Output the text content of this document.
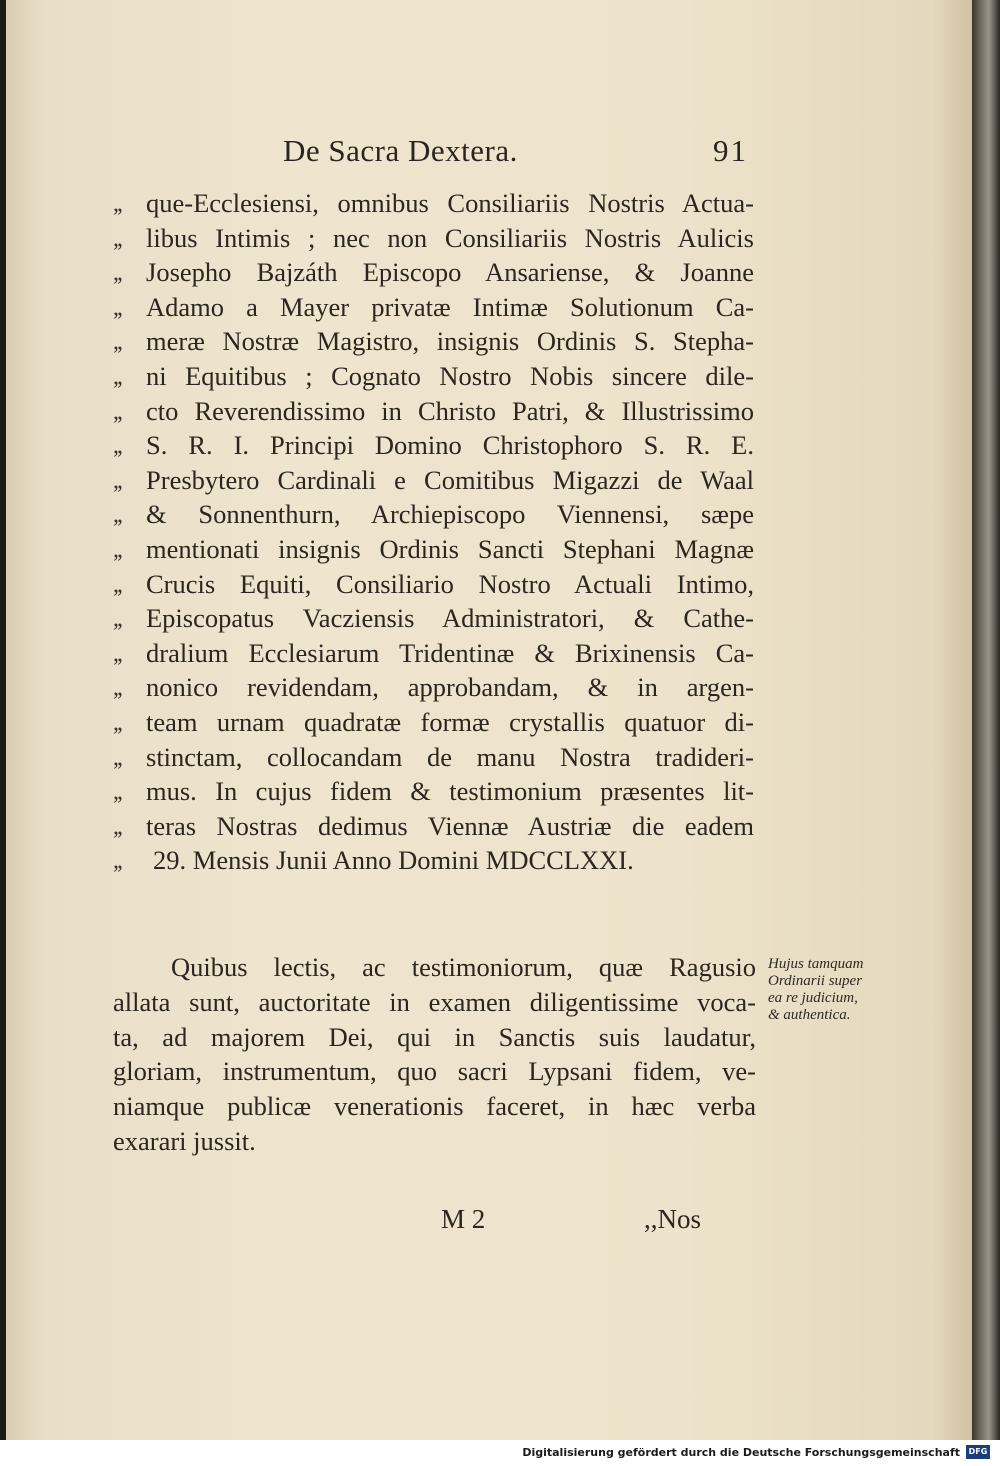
De Sacra Dextera.	91
,, que-Ecclesiensi, omnibus Consiliariis Nostris Actua-
,, libus Intimis ; nec non Consiliariis Nostris Aulicis
,, Josepho Bajzáth Episcopo Ansariense, & Joanne
,, Adamo a Mayer privatæ Intimæ Solutionum Ca-
,, meræ Nostræ Magistro, insignis Ordinis S. Stepha-
,, ni Equitibus ; Cognato Nostro Nobis sincere dile-
,, cto Reverendissimo in Christo Patri, & Illustrissimo
,, S. R. I. Principi Domino Christophoro S. R. E.
,, Presbytero Cardinali e Comitibus Migazzi de Waal
,, & Sonnenthurn, Archiepiscopo Viennensi, sæpe
,, mentionati insignis Ordinis Sancti Stephani Magnæ
,, Crucis Equiti, Consiliario Nostro Actuali Intimo,
,, Episcopatus Vacziensis Administratori, & Cathe-
,, dralium Ecclesiarum Tridentinæ & Brixinensis Ca-
,, nonico revidendam, approbandam, & in argen-
,, team urnam quadratæ formæ crystallis quatuor di-
,, stinctam, collocandam de manu Nostra tradideri-
,, mus. In cujus fidem & testimonium præsentes lit-
,, teras Nostras dedimus Viennæ Austriæ die eadem
,, 29. Mensis Junii Anno Domini MDCCLXXI.
Quibus lectis, ac testimoniorum, quæ Ragusio
allata sunt, auctoritate in examen diligentissime voca-
ta, ad majorem Dei, qui in Sanctis suis laudatur,
gloriam, instrumentum, quo sacri Lypsani fidem, ve-
niamque publicæ venerationis faceret, in hæc verba
exarari jussit.
Hujus tamquam
Ordinarii super
ea re judicium,
& authentica.
M 2	,,Nos
Digitalisierung gefördert durch die Deutsche Forschungsgemeinschaft	DFG
